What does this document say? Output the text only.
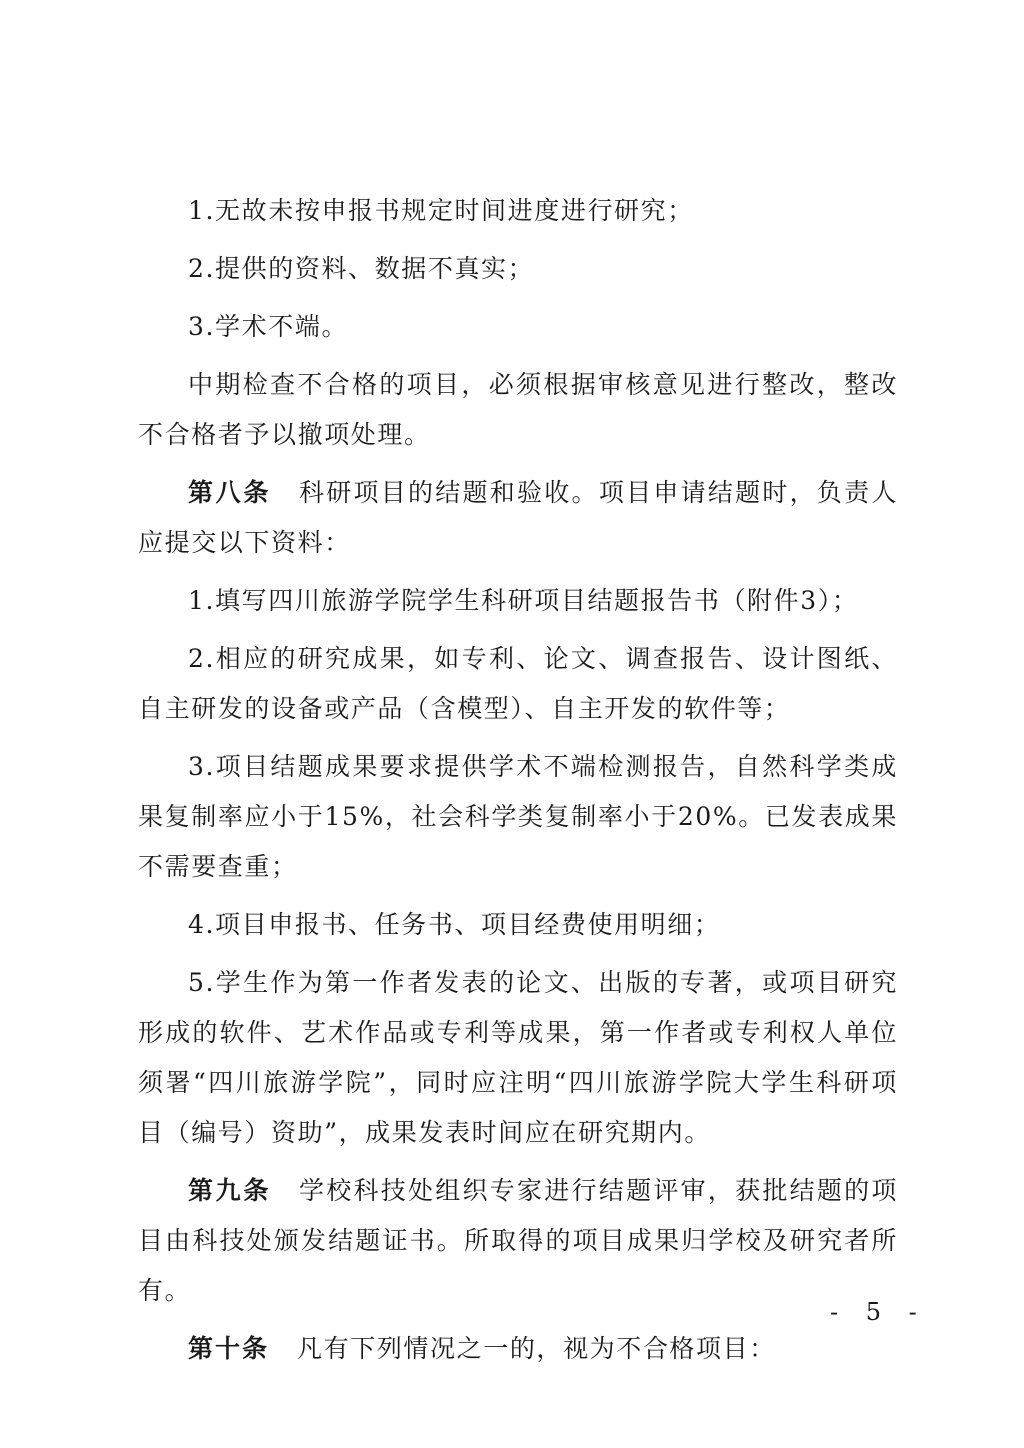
1.无故未按申报书规定时间进度进行研究；

2.提供的资料、数据不真实；

3.学术不端。

中期检查不合格的项目，必须根据审核意见进行整改，整改不合格者予以撤项处理。

第八条 科研项目的结题和验收。项目申请结题时，负责人应提交以下资料：

1.填写四川旅游学院学生科研项目结题报告书（附件3）；

2.相应的研究成果，如专利、论文、调查报告、设计图纸、自主研发的设备或产品（含模型）、自主开发的软件等；

3.项目结题成果要求提供学术不端检测报告，自然科学类成果复制率应小于15%，社会科学类复制率小于20%。已发表成果不需要查重；

4.项目申报书、任务书、项目经费使用明细；

5.学生作为第一作者发表的论文、出版的专著，或项目研究形成的软件、艺术作品或专利等成果，第一作者或专利权人单位须署“四川旅游学院”，同时应注明“四川旅游学院大学生科研项目（编号）资助”，成果发表时间应在研究期内。

第九条 学校科技处组织专家进行结题评审，获批结题的项目由科技处颁发结题证书。所取得的项目成果归学校及研究者所有。

第十条 凡有下列情况之一的，视为不合格项目：

- 5 -
